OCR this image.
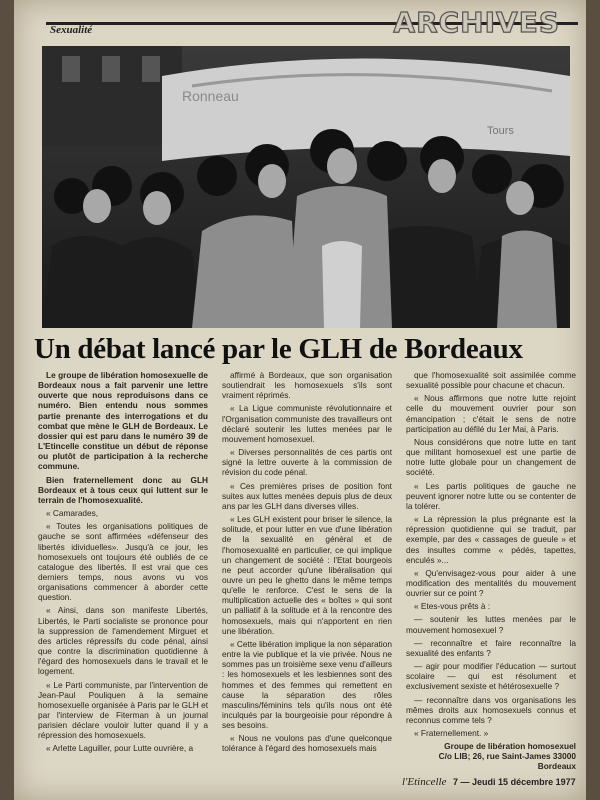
Sexualité	ARCHIVES
Ronneau
Tours
Un débat lancé par le GLH de Bordeaux

Le groupe de libération homosexuelle de Bordeaux nous a fait parvenir une lettre ouverte que nous reproduisons dans ce numéro. Bien entendu nous sommes partie prenante des interrogations et du combat que mène le GLH de Bordeaux. Le dossier qui est paru dans le numéro 39 de L'Etincelle constitue un début de réponse ou plutôt de participation à la recherche commune.

Bien fraternellement donc au GLH Bordeaux et à tous ceux qui luttent sur le terrain de l'homosexualité.

« Camarades,

« Toutes les organisations politiques de gauche se sont affirmées «défenseur des libertés idividuelles». Jusqu'à ce jour, les homosexuels ont toujours été oubliés de ce catalogue des libertés. Il est vrai que ces derniers temps, nous avons vu vos organisations commencer à aborder cette question.

« Ainsi, dans son manifeste Libertés, Libertés, le Parti socialiste se prononce pour la suppression de l'amendement Mirguet et des articles répressifs du code pénal, ainsi que contre la discrimination quotidienne à l'égard des homosexuels dans le travail et le logement.

« Le Parti communiste, par l'intervention de Jean-Paul Pouliquen à la semaine homosexuelle organisée à Paris par le GLH et par l'interview de Fiterman à un journal parisien déclare vouloir lutter quand il y a répression des homosexuels.

« Arlette Laguiller, pour Lutte ouvrière, a

affirmé à Bordeaux, que son organisation soutiendrait les homosexuels s'ils sont vraiment réprimés.

« La Ligue communiste révolutionnaire et l'Organisation communiste des travailleurs ont déclaré soutenir les luttes menées par le mouvement homosexuel.

« Diverses personnalités de ces partis ont signé la lettre ouverte à la commission de révision du code pénal.

« Ces premières prises de position font suites aux luttes menées depuis plus de deux ans par les GLH dans diverses villes.

« Les GLH existent pour briser le silence, la solitude, et pour lutter en vue d'une libération de la sexualité en général et de l'homosexualité en particulier, ce qui implique un changement de société : l'Etat bourgeois ne peut accorder qu'une libéralisation qui ouvre un peu le ghetto dans le même temps qu'elle le renforce. C'est le sens de la multiplication actuelle des « boîtes » qui sont un palliatif à la solitude et à la rencontre des homosexuels, mais qui n'apportent en rien une libération.

« Cette libération implique la non séparation entre la vie publique et la vie privée. Nous ne sommes pas un troisième sexe venu d'ailleurs : les homosexuels et les lesbiennes sont des hommes et des femmes qui remettent en cause la séparation des rôles masculins/féminins tels qu'ils nous ont été inculqués par la bourgeoisie pour répondre à ses besoins.

« Nous ne voulons pas d'une quelconque tolérance à l'égard des homosexuels mais

que l'homosexualité soit assimilée comme sexualité possible pour chacune et chacun.

« Nous affirmons que notre lutte rejoint celle du mouvement ouvrier pour son émancipation ; c'était le sens de notre participation au défilé du 1er Mai, à Paris.

Nous considérons que notre lutte en tant que militant homosexuel est une partie de notre lutte globale pour un changement de société.

« Les partis politiques de gauche ne peuvent ignorer notre lutte ou se contenter de la tolérer.

« La répression la plus prégnante est la répression quotidienne qui se traduit, par exemple, par des « cassages de gueule » et des insultes comme « pédés, tapettes, enculés »...

« Qu'envisagez-vous pour aider à une modification des mentalités du mouvement ouvrier sur ce point ?

« Etes-vous prêts à :

— soutenir les luttes menées par le mouvement homosexuel ?

— reconnaître et faire reconnaître la sexualité des enfants ?

— agir pour modifier l'éducation — surtout scolaire — qui est résolument et exclusivement sexiste et hétérosexuelle ?

— reconnaître dans vos organisations les mêmes droits aux homosexuels connus et reconnus comme tels ?

« Fraternellement. »

Groupe de libération homosexuel
C/o LIB; 26, rue Saint-James 33000
Bordeaux
l'Etincelle 7 — Jeudi 15 décembre 1977
